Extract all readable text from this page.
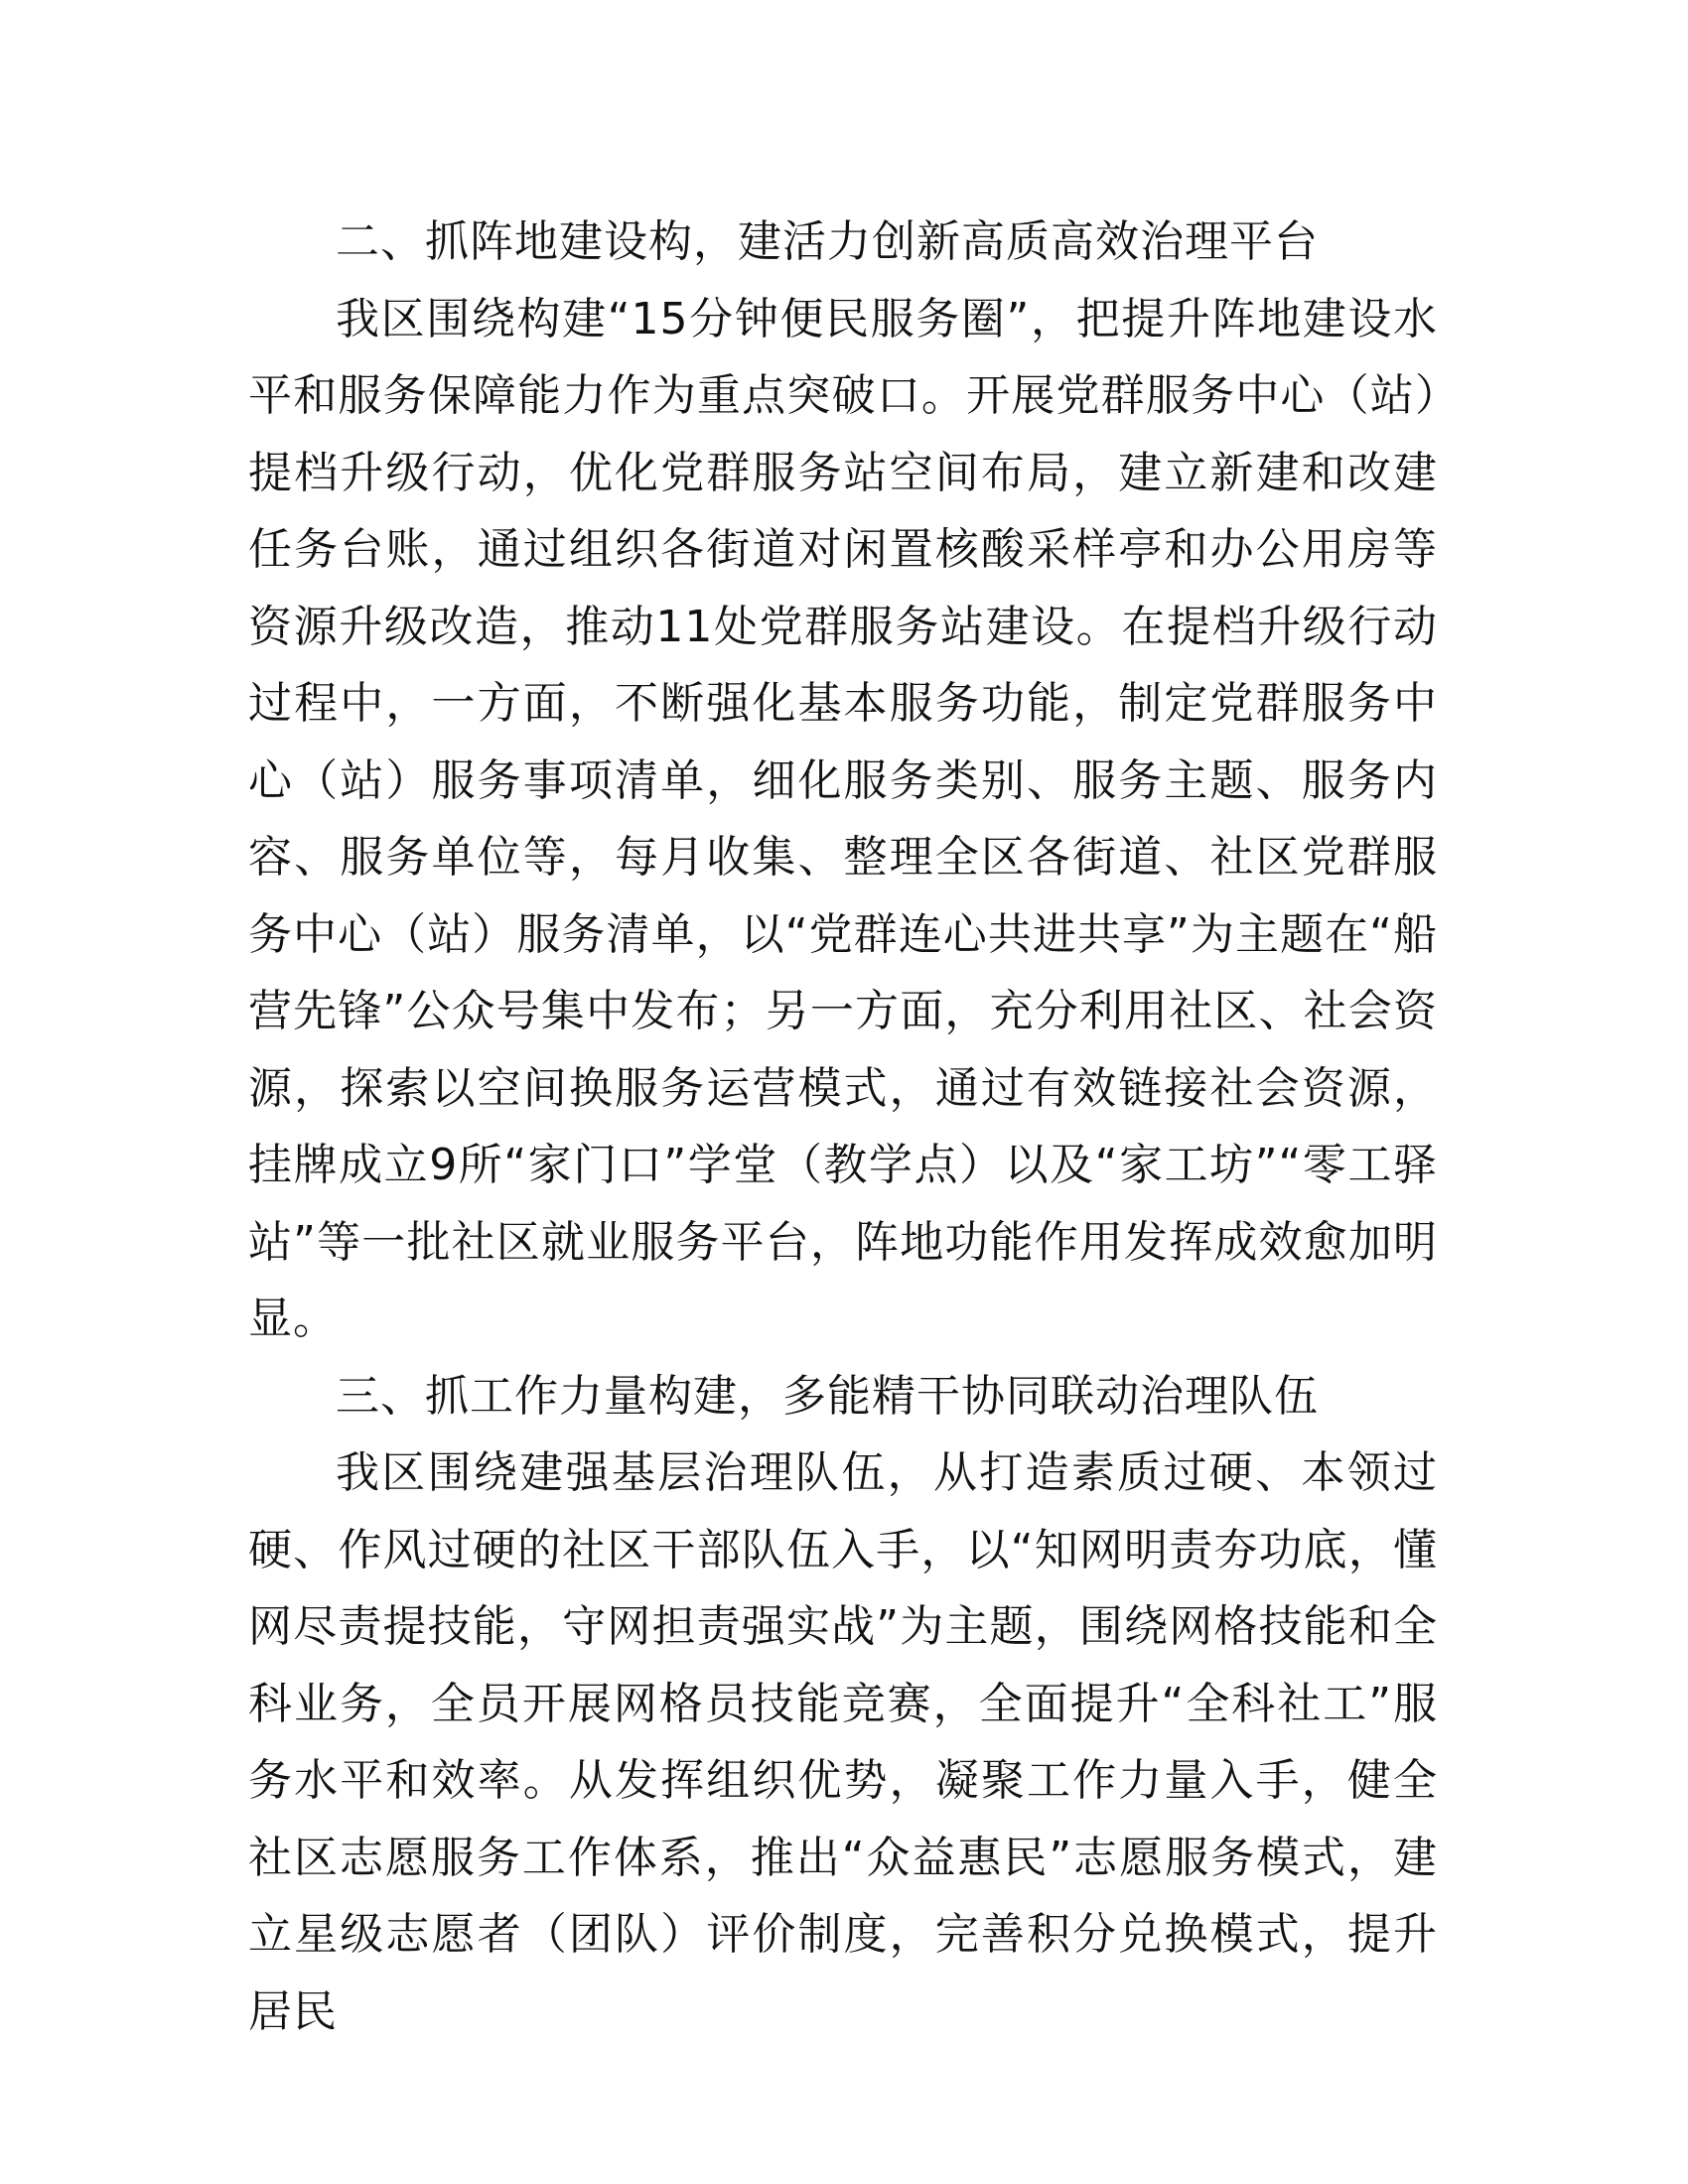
二、抓阵地建设构，建活力创新高质高效治理平台

我区围绕构建“15分钟便民服务圈”，把提升阵地建设水平和服务保障能力作为重点突破口。开展党群服务中心（站）提档升级行动，优化党群服务站空间布局，建立新建和改建任务台账，通过组织各街道对闲置核酸采样亭和办公用房等资源升级改造，推动11处党群服务站建设。在提档升级行动过程中，一方面，不断强化基本服务功能，制定党群服务中心（站）服务事项清单，细化服务类别、服务主题、服务内容、服务单位等，每月收集、整理全区各街道、社区党群服务中心（站）服务清单，以“党群连心共进共享”为主题在“船营先锋”公众号集中发布；另一方面，充分利用社区、社会资源，探索以空间换服务运营模式，通过有效链接社会资源，挂牌成立9所“家门口”学堂（教学点）以及“家工坊”“零工驿站”等一批社区就业服务平台，阵地功能作用发挥成效愈加明显。

三、抓工作力量构建，多能精干协同联动治理队伍

我区围绕建强基层治理队伍，从打造素质过硬、本领过硬、作风过硬的社区干部队伍入手，以“知网明责夯功底，懂网尽责提技能，守网担责强实战”为主题，围绕网格技能和全科业务，全员开展网格员技能竞赛，全面提升“全科社工”服务水平和效率。从发挥组织优势，凝聚工作力量入手，健全社区志愿服务工作体系，推出“众益惠民”志愿服务模式，建立星级志愿者（团队）评价制度，完善积分兑换模式，提升居民
